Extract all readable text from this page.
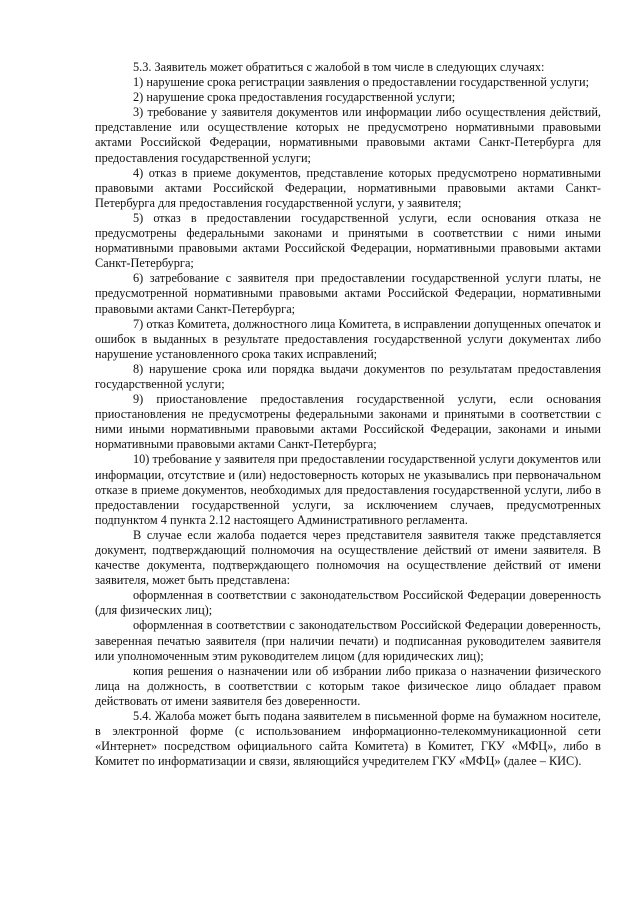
5.3. Заявитель может обратиться с жалобой в том числе в следующих случаях:

1) нарушение срока регистрации заявления о предоставлении государственной услуги;

2) нарушение срока предоставления государственной услуги;

3) требование у заявителя документов или информации либо осуществления действий, представление или осуществление которых не предусмотрено нормативными правовыми актами Российской Федерации, нормативными правовыми актами Санкт-Петербурга для предоставления государственной услуги;

4) отказ в приеме документов, представление которых предусмотрено нормативными правовыми актами Российской Федерации, нормативными правовыми актами Санкт-Петербурга для предоставления государственной услуги, у заявителя;

5) отказ в предоставлении государственной услуги, если основания отказа не предусмотрены федеральными законами и принятыми в соответствии с ними иными нормативными правовыми актами Российской Федерации, нормативными правовыми актами Санкт-Петербурга;

6) затребование с заявителя при предоставлении государственной услуги платы, не предусмотренной нормативными правовыми актами Российской Федерации, нормативными правовыми актами Санкт-Петербурга;

7) отказ Комитета, должностного лица Комитета, в исправлении допущенных опечаток и ошибок в выданных в результате предоставления государственной услуги документах либо нарушение установленного срока таких исправлений;

8) нарушение срока или порядка выдачи документов по результатам предоставления государственной услуги;

9) приостановление предоставления государственной услуги, если основания приостановления не предусмотрены федеральными законами и принятыми в соответствии с ними иными нормативными правовыми актами Российской Федерации, законами и иными нормативными правовыми актами Санкт-Петербурга;

10) требование у заявителя при предоставлении государственной услуги документов или информации, отсутствие и (или) недостоверность которых не указывались при первоначальном отказе в приеме документов, необходимых для предоставления государственной услуги, либо в предоставлении государственной услуги, за исключением случаев, предусмотренных подпунктом 4 пункта 2.12 настоящего Административного регламента.

В случае если жалоба подается через представителя заявителя также представляется документ, подтверждающий полномочия на осуществление действий от имени заявителя. В качестве документа, подтверждающего полномочия на осуществление действий от имени заявителя, может быть представлена:

оформленная в соответствии с законодательством Российской Федерации доверенность (для физических лиц);

оформленная в соответствии с законодательством Российской Федерации доверенность, заверенная печатью заявителя (при наличии печати) и подписанная руководителем заявителя или уполномоченным этим руководителем лицом (для юридических лиц);

копия решения о назначении или об избрании либо приказа о назначении физического лица на должность, в соответствии с которым такое физическое лицо обладает правом действовать от имени заявителя без доверенности.

5.4. Жалоба может быть подана заявителем в письменной форме на бумажном носителе, в электронной форме (с использованием информационно-телекоммуникационной сети «Интернет» посредством официального сайта Комитета) в Комитет, ГКУ «МФЦ», либо в Комитет по информатизации и связи, являющийся учредителем ГКУ «МФЦ» (далее – КИС).
